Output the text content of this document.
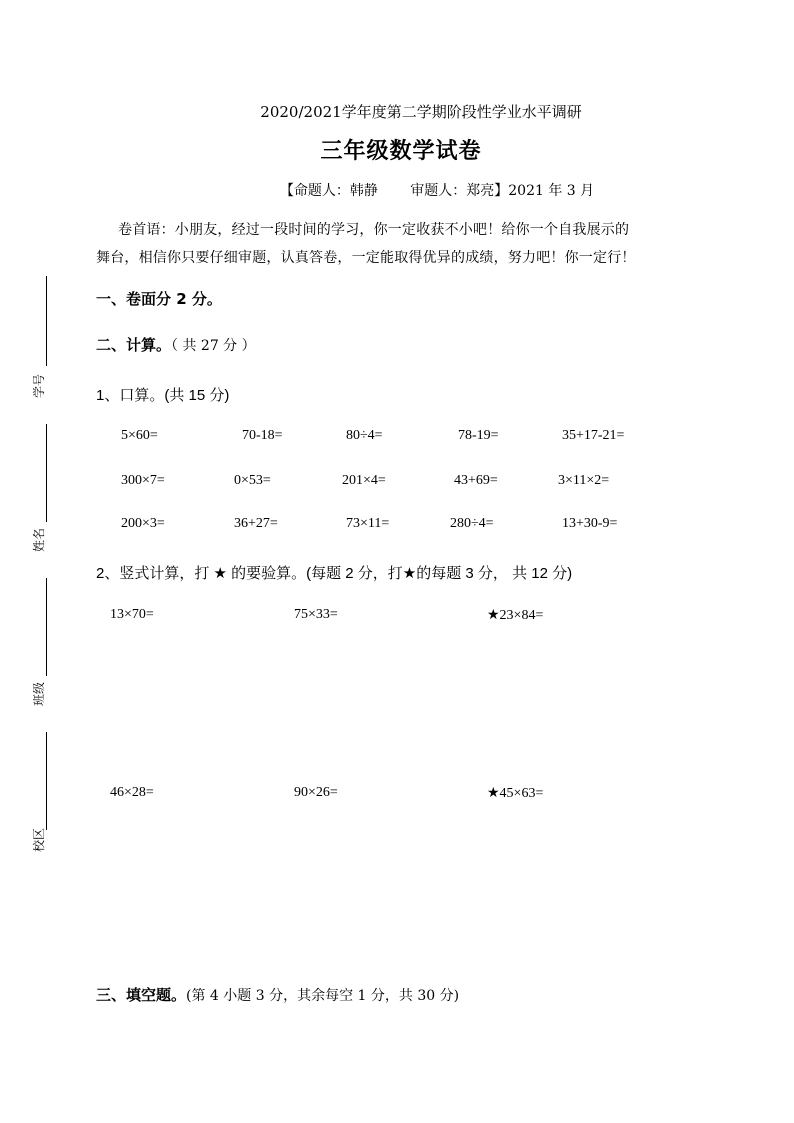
学号
姓名
班级
校区
2020/2021学年度第二学期阶段性学业水平调研
三年级数学试卷
【命题人：韩静　　 审题人：郑亮】2021 年 3 月
卷首语：小朋友，经过一段时间的学习，你一定收获不小吧！给你一个自我展示的
舞台，相信你只要仔细审题，认真答卷，一定能取得优异的成绩，努力吧！你一定行！
一、卷面分 2 分。
二、计算。（ 共 27 分 ）
1、口算。(共 15 分)
5×60=	70-18=	80÷4=	78-19=	35+17-21=
300×7=	0×53=	201×4=	43+69=	3×11×2=
200×3=	36+27=	73×11=	280÷4=	13+30-9=
2、竖式计算，打 ★ 的要验算。(每题 2 分，打★的每题 3 分， 共 12 分)
13×70=	75×33=	★23×84=
46×28=	90×26=	★45×63=
三、填空题。(第 4 小题 3 分，其余每空 1 分，共 30 分)
